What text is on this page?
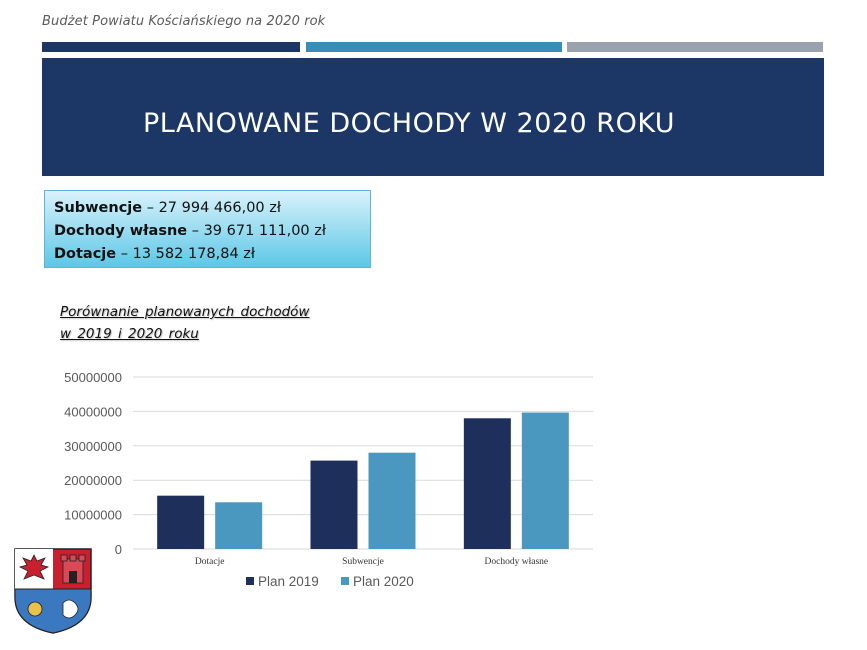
Budżet Powiatu Kościańskiego na 2020 rok
PLANOWANE DOCHODY W 2020 ROKU
Subwencje – 27 994 466,00 zł
Dochody własne – 39 671 111,00 zł
Dotacje – 13 582 178,84 zł
Porównanie planowanych dochodów
w 2019 i 2020 roku
50000000
40000000
30000000
20000000
10000000
0
Dotacje	Subwencje	Dochody własne
Plan 2019	Plan 2020
